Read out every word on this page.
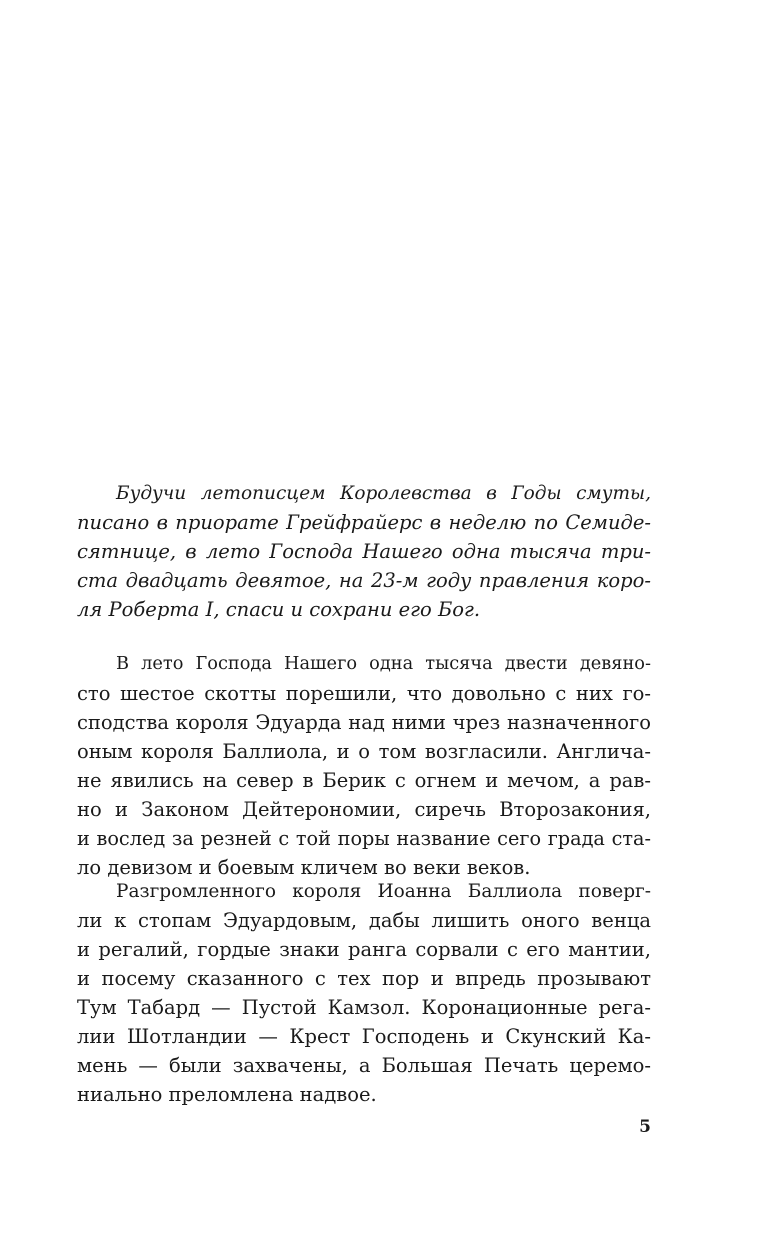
Будучи летописцем Королевства в Годы смуты,
писано в приорате Грейфрайерс в неделю по Семиде-
сятнице, в лето Господа Нашего одна тысяча три-
ста двадцать девятое, на 23-м году правления коро-
ля Роберта I, спаси и сохрани его Бог.
В лето Господа Нашего одна тысяча двести девяно-
сто шестое скотты порешили, что довольно с них го-
сподства короля Эдуарда над ними чрез назначенного
оным короля Баллиола, и о том возгласили. Англича-
не явились на север в Берик с огнем и мечом, а рав-
но и Законом Дейтерономии, сиречь Второзакония,
и вослед за резней с той поры название сего града ста-
ло девизом и боевым кличем во веки веков.
Разгромленного короля Иоанна Баллиола поверг-
ли к стопам Эдуардовым, дабы лишить оного венца
и регалий, гордые знаки ранга сорвали с его мантии,
и посему сказанного с тех пор и впредь прозывают
Тум Табард — Пустой Камзол. Коронационные рега-
лии Шотландии — Крест Господень и Скунский Ка-
мень — были захвачены, а Большая Печать церемо-
ниально преломлена надвое.
5
